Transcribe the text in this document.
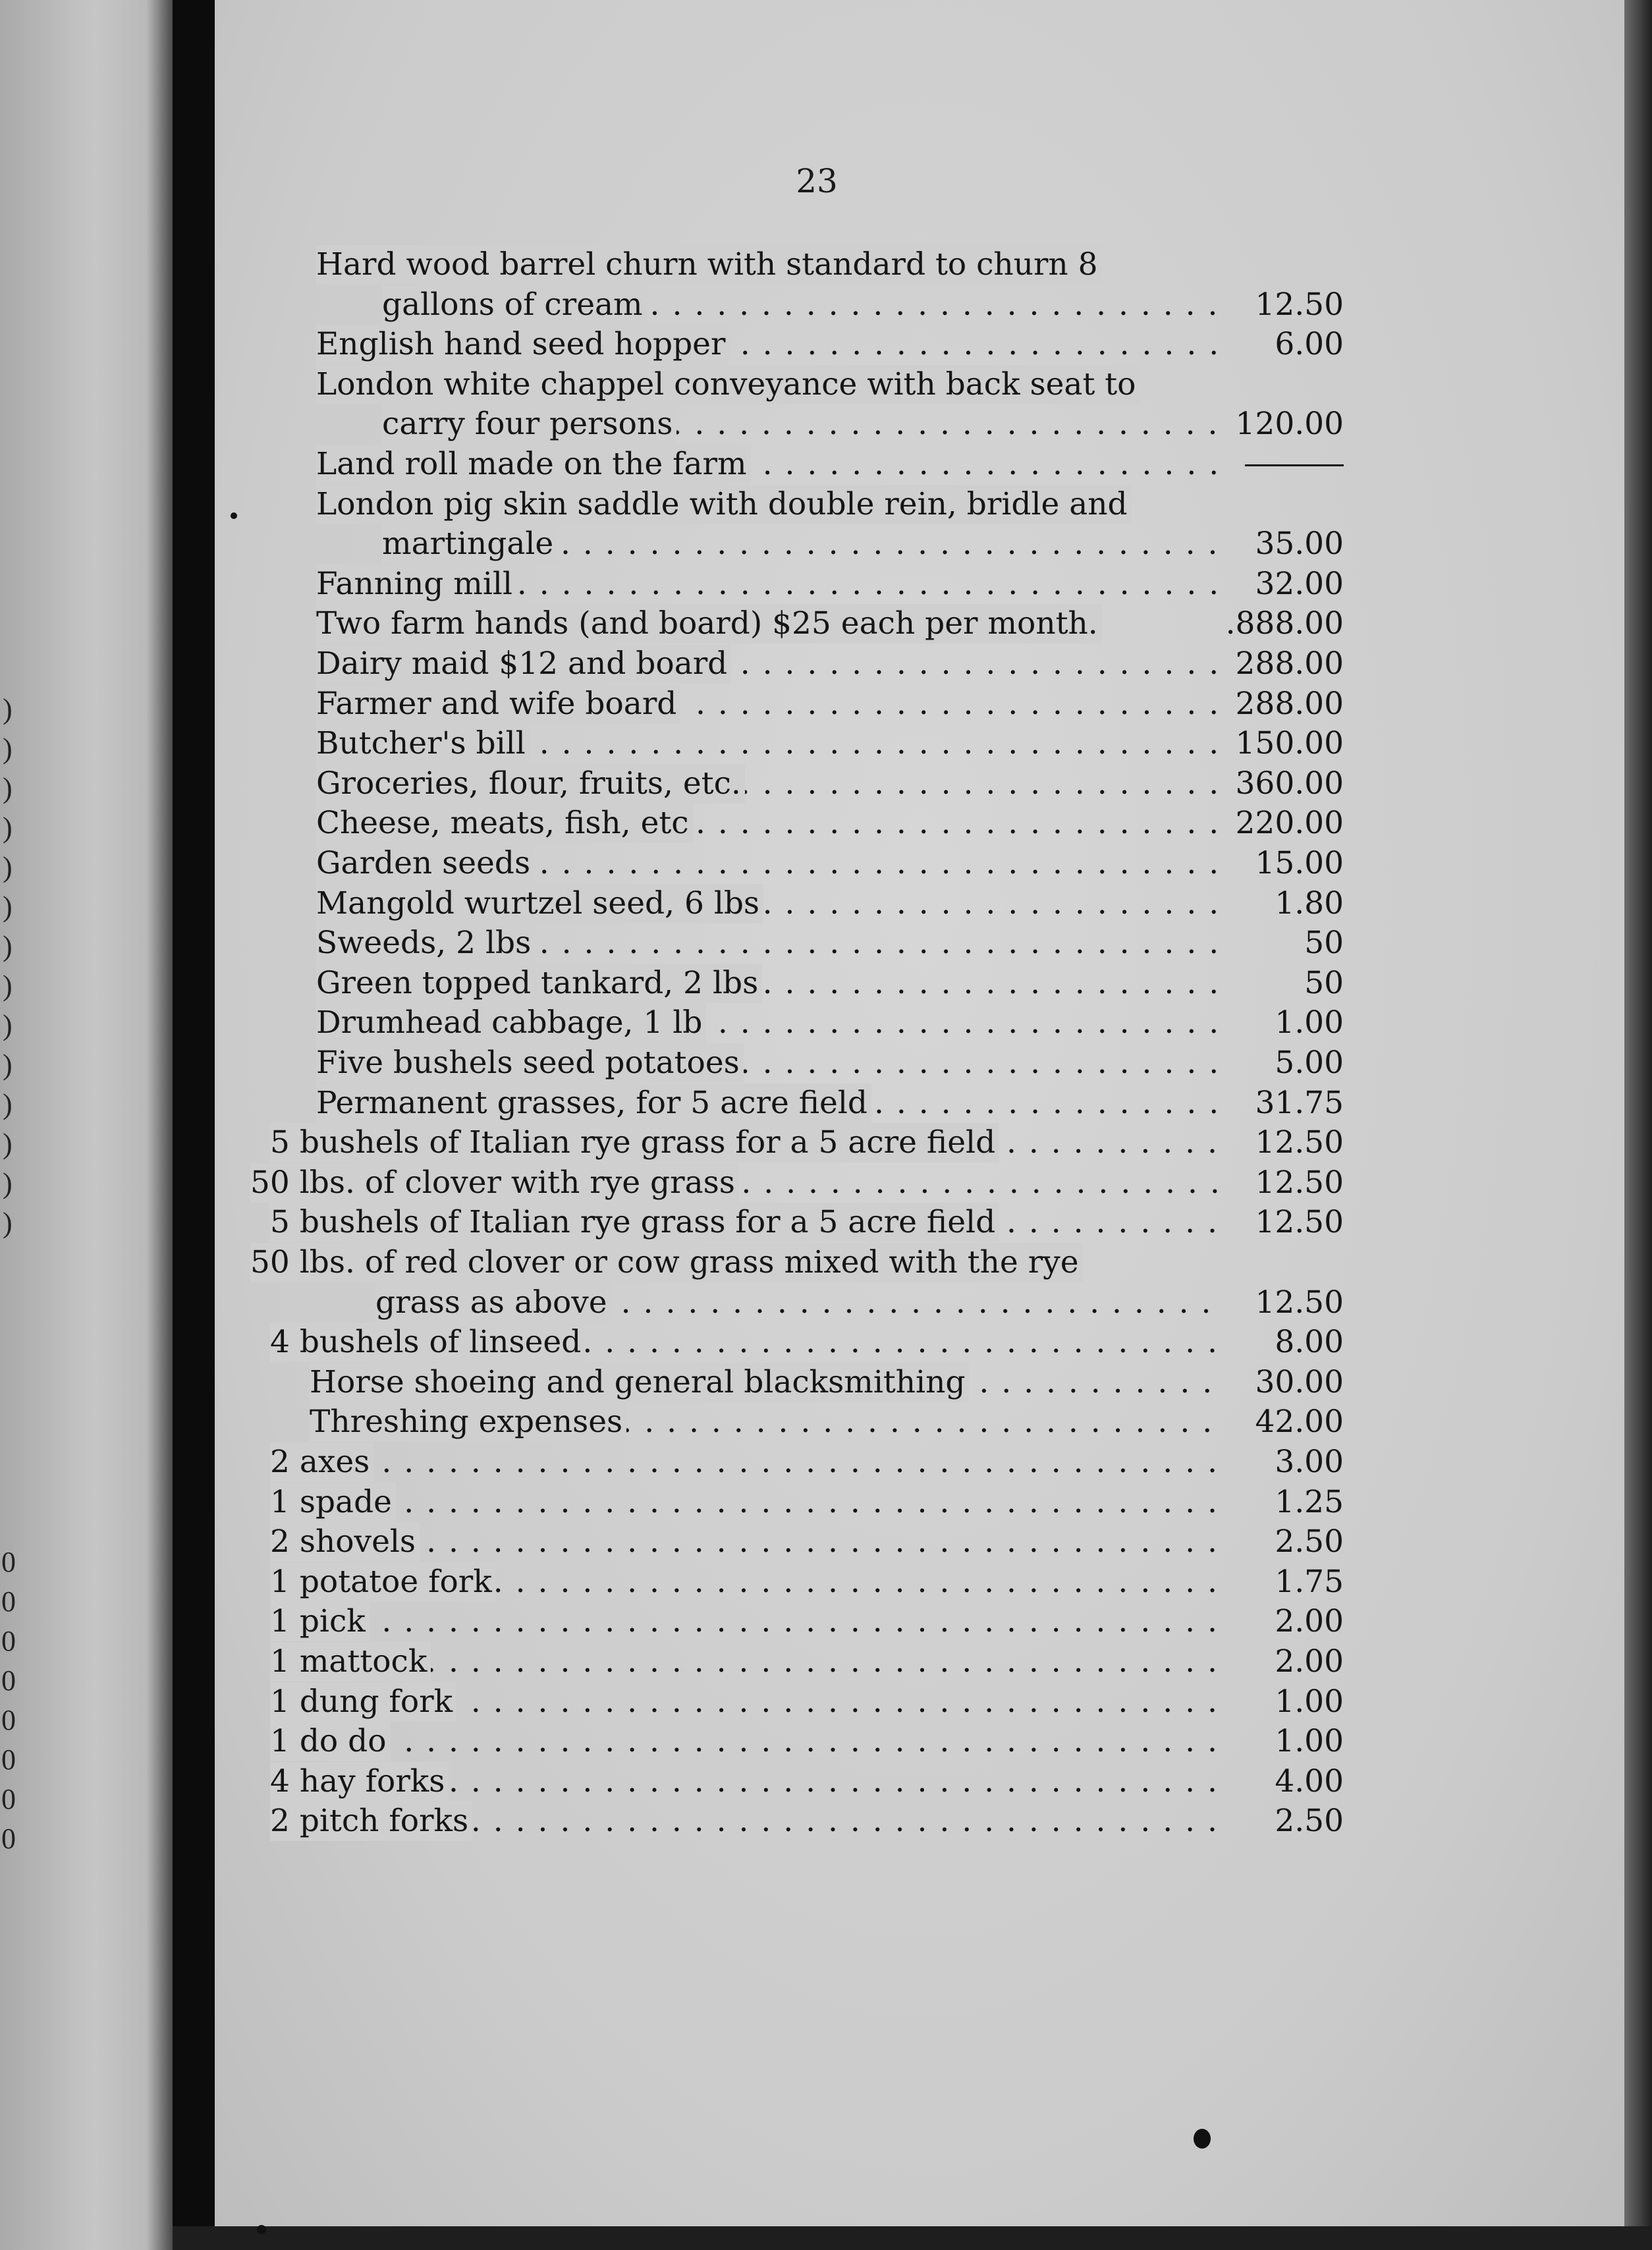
)
)
)
)
)
)
)
)
)
)
)
)
)
)
0
0
0
0
0
0
0
0
23
Hard wood barrel churn with standard to churn 8
. . .
gallons of cream	12.50
. . .
English hand seed hopper	6.00
London white chappel conveyance with back seat to
. . .
carry four persons	120.00
. . .
Land roll made on the farm
London pig skin saddle with double rein, bridle and
. . .
martingale	35.00
. . .
Fanning mill	32.00
Two farm hands (and board) $25 each per month.	.888.00
. . .
Dairy maid $12 and board	288.00
. . .
Farmer and wife board	288.00
. . .
Butcher's bill	150.00
. . .
Groceries, flour, fruits, etc.	360.00
. . .
Cheese, meats, fish, etc	220.00
. . .
Garden seeds	15.00
. . .
Mangold wurtzel seed, 6 lbs	1.80
. . .
Sweeds, 2 lbs	50
. . .
Green topped tankard, 2 lbs	50
. . .
Drumhead cabbage, 1 lb	1.00
. . .
Five bushels seed potatoes	5.00
. . .
Permanent grasses, for 5 acre field	31.75
. . .
5 bushels of Italian rye grass for a 5 acre field	12.50
. . .
50 lbs. of clover with rye grass	12.50
. . .
5 bushels of Italian rye grass for a 5 acre field	12.50
50 lbs. of red clover or cow grass mixed with the rye
. . .
grass as above	12.50
. . .
4 bushels of linseed	8.00
. . .
Horse shoeing and general blacksmithing	30.00
. . .
Threshing expenses	42.00
. . .
2 axes	3.00
. . .
1 spade	1.25
. . .
2 shovels	2.50
. . .
1 potatoe fork	1.75
. . .
1 pick	2.00
. . .
1 mattock	2.00
. . .
1 dung fork	1.00
. . .
1 do do	1.00
. . .
4 hay forks	4.00
. . .
2 pitch forks	2.50
